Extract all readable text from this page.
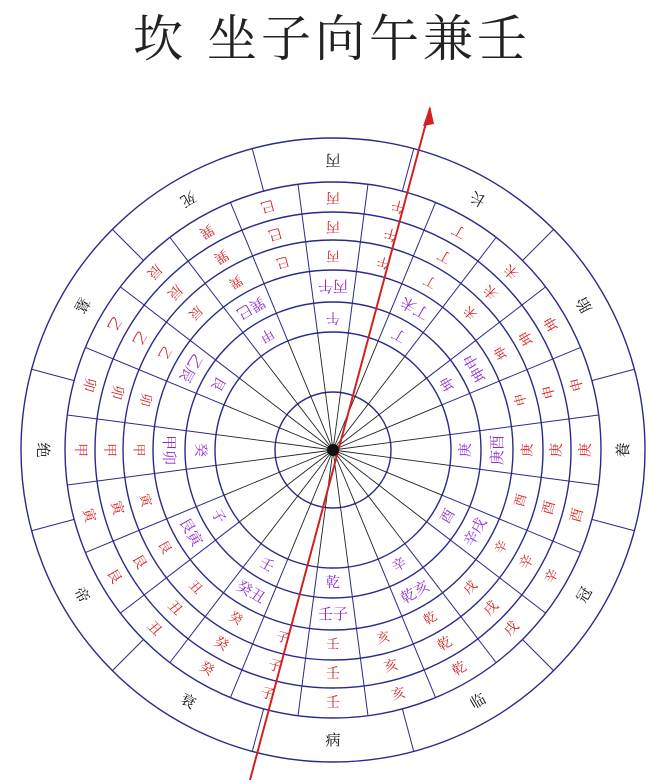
坎 坐子向午兼壬
丙
长
胎
養
冠
临
病
衰
帝
绝
墓
死	巳	丙	午
丁
未
坤
申
庚
酉
辛
戌
乾
亥
壬
子
癸
丑
艮
寅
甲
卯
乙
辰
巽	巳	丙	午
丁
未
坤
申
庚
酉
辛
戌
乾
亥
壬
子
癸
丑
艮
寅
甲
卯
乙
辰
巽	巳	丙	午
丁
未
坤
申
庚
酉
辛
戌
乾
亥
壬
子
癸
丑
艮
寅
甲
卯
乙
辰
巽	丙午
丁未
坤申
庚酉
辛戌
乾亥
壬子
癸丑
艮寅
甲卯
乙辰
巽巳	午
丁
坤
庚
酉
辛
乾
壬
子
癸
艮
甲
